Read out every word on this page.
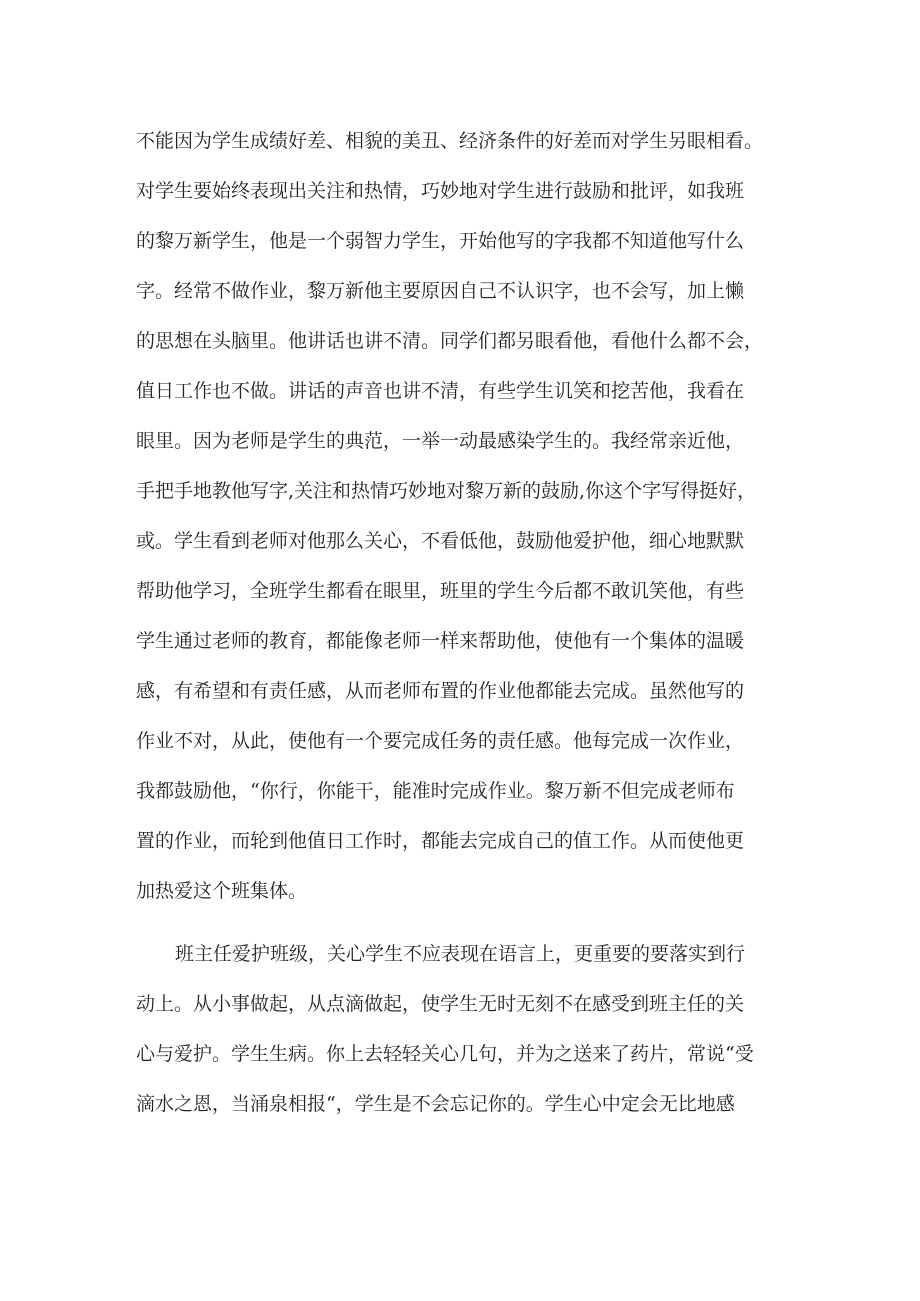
不能因为学生成绩好差、相貌的美丑、经济条件的好差而对学生另眼相看。
对学生要始终表现出关注和热情，巧妙地对学生进行鼓励和批评，如我班
的黎万新学生，他是一个弱智力学生，开始他写的字我都不知道他写什么
字。经常不做作业，黎万新他主要原因自己不认识字，也不会写，加上懒
的思想在头脑里。他讲话也讲不清。同学们都另眼看他，看他什么都不会，
值日工作也不做。讲话的声音也讲不清，有些学生讥笑和挖苦他，我看在
眼里。因为老师是学生的典范，一举一动最感染学生的。我经常亲近他，
手把手地教他写字,关注和热情巧妙地对黎万新的鼓励,你这个字写得挺好，
或。学生看到老师对他那么关心，不看低他，鼓励他爱护他，细心地默默
帮助他学习，全班学生都看在眼里，班里的学生今后都不敢讥笑他，有些
学生通过老师的教育，都能像老师一样来帮助他，使他有一个集体的温暖
感，有希望和有责任感，从而老师布置的作业他都能去完成。虽然他写的
作业不对，从此，使他有一个要完成任务的责任感。他每完成一次作业，
我都鼓励他，“你行，你能干，能准时完成作业。黎万新不但完成老师布
置的作业，而轮到他值日工作时，都能去完成自己的值工作。从而使他更
加热爱这个班集体。
班主任爱护班级，关心学生不应表现在语言上，更重要的要落实到行
动上。从小事做起，从点滴做起，使学生无时无刻不在感受到班主任的关
心与爱护。学生生病。你上去轻轻关心几句，并为之送来了药片，常说“受
滴水之恩，当涌泉相报“，学生是不会忘记你的。学生心中定会无比地感
